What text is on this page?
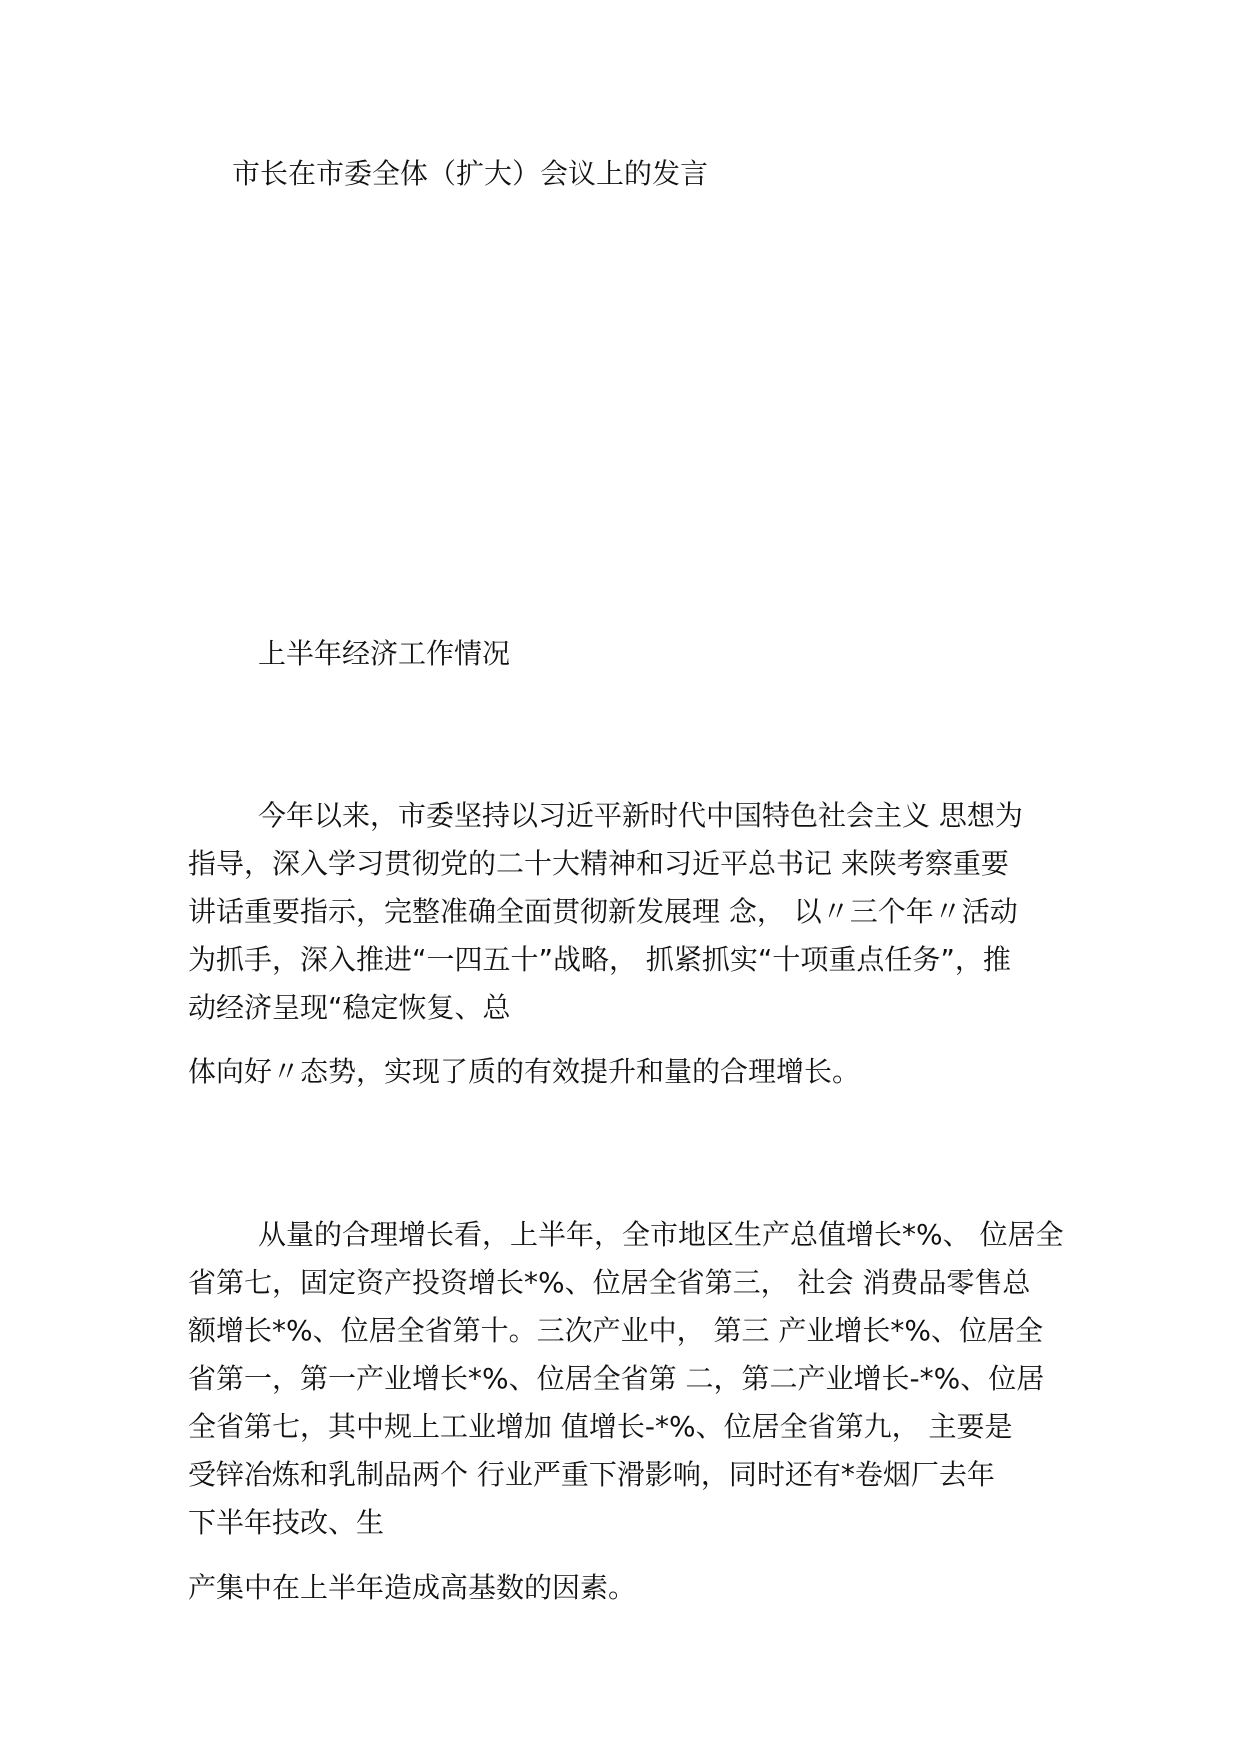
市长在市委全体（扩大）会议上的发言
上半年经济工作情况
今年以来，市委坚持以习近平新时代中国特色社会主义 思想为
指导，深入学习贯彻党的二十大精神和习近平总书记 来陕考察重要
讲话重要指示，完整准确全面贯彻新发展理 念， 以〃三个年〃活动
为抓手，深入推进“一四五十”战略， 抓紧抓实“十项重点任务”，推
动经济呈现“稳定恢复、总
体向好〃态势，实现了质的有效提升和量的合理增长。
从量的合理增长看，上半年，全市地区生产总值增长*%、 位居全
省第七，固定资产投资增长*%、位居全省第三， 社会 消费品零售总
额增长*%、位居全省第十。三次产业中， 第三 产业增长*%、位居全
省第一，第一产业增长*%、位居全省第 二，第二产业增长-*%、位居
全省第七，其中规上工业增加 值增长-*%、位居全省第九， 主要是
受锌冶炼和乳制品两个 行业严重下滑影响，同时还有*卷烟厂去年
下半年技改、生
产集中在上半年造成高基数的因素。
